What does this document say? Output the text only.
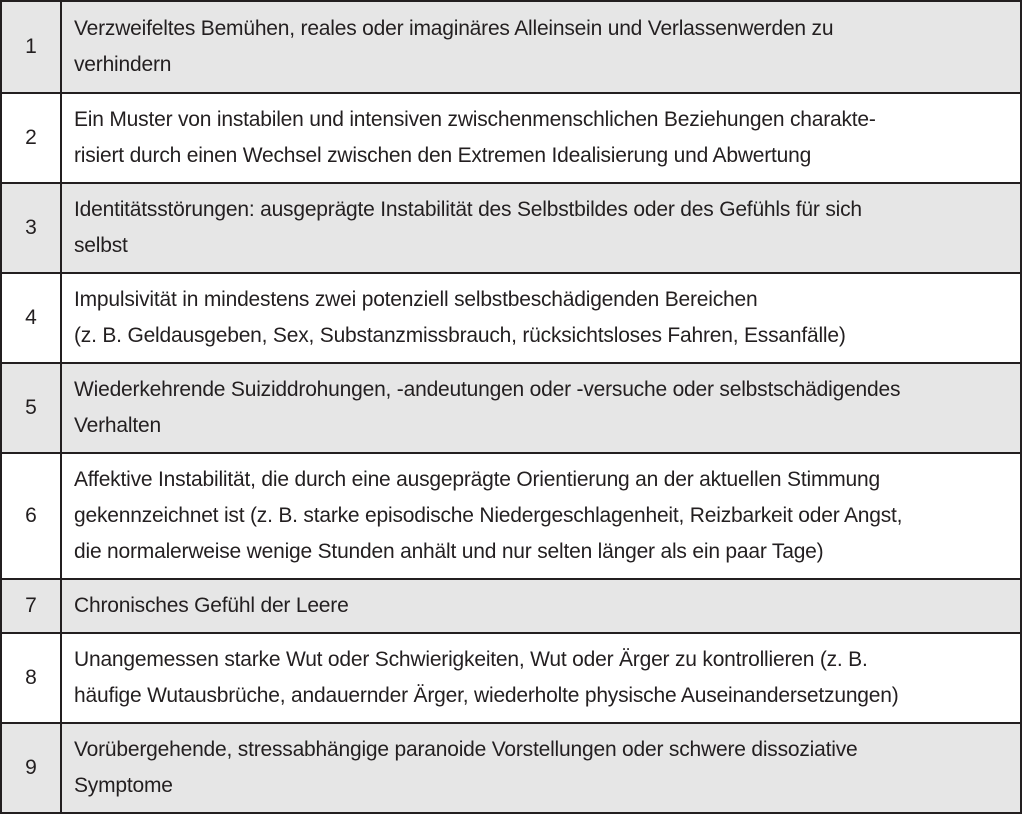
1	Verzweifeltes Bemühen, reales oder imaginäres Alleinsein und Verlassenwerden zu
verhindern

2	Ein Muster von instabilen und intensiven zwischenmenschlichen Beziehungen charakte-
risiert durch einen Wechsel zwischen den Extremen Idealisierung und Abwertung

3	Identitätsstörungen: ausgeprägte Instabilität des Selbstbildes oder des Gefühls für sich
selbst

4	Impulsivität in mindestens zwei potenziell selbstbeschädigenden Bereichen
(z. B. Geldausgeben, Sex, Substanzmissbrauch, rücksichtsloses Fahren, Essanfälle)

5	Wiederkehrende Suiziddrohungen, -andeutungen oder -versuche oder selbstschädigendes
Verhalten

6	Affektive Instabilität, die durch eine ausgeprägte Orientierung an der aktuellen Stimmung
gekennzeichnet ist (z. B. starke episodische Niedergeschlagenheit, Reizbarkeit oder Angst,
die normalerweise wenige Stunden anhält und nur selten länger als ein paar Tage)

7	Chronisches Gefühl der Leere

8	Unangemessen starke Wut oder Schwierigkeiten, Wut oder Ärger zu kontrollieren (z. B.
häufige Wutausbrüche, andauernder Ärger, wiederholte physische Auseinandersetzungen)

9	Vorübergehende, stressabhängige paranoide Vorstellungen oder schwere dissoziative
Symptome
